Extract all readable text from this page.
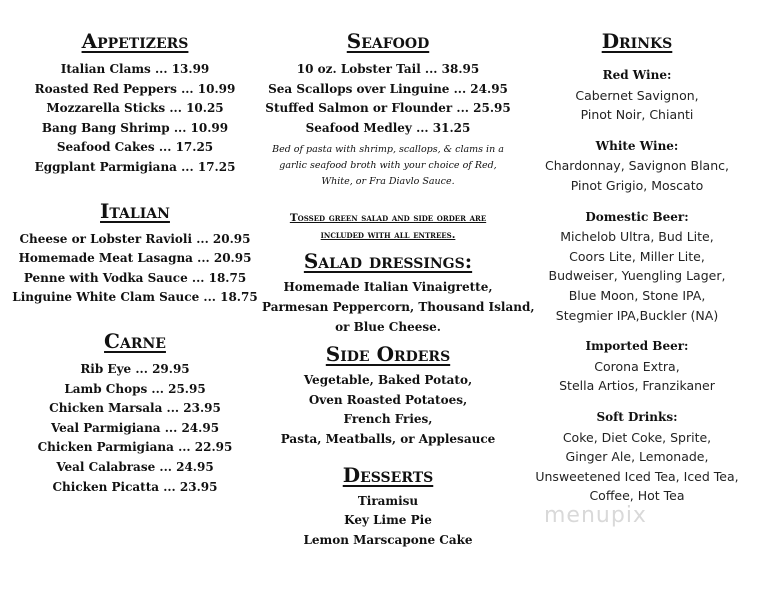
Appetizers

Italian Clams ... 13.99

Roasted Red Peppers ... 10.99

Mozzarella Sticks ... 10.25

Bang Bang Shrimp ... 10.99

Seafood Cakes ... 17.25

Eggplant Parmigiana ... 17.25

Italian

Cheese or Lobster Ravioli ... 20.95

Homemade Meat Lasagna ... 20.95

Penne with Vodka Sauce ... 18.75

Linguine White Clam Sauce ... 18.75

Carne

Rib Eye ... 29.95

Lamb Chops ... 25.95

Chicken Marsala ... 23.95

Veal Parmigiana ... 24.95

Chicken Parmigiana ... 22.95

Veal Calabrase ... 24.95

Chicken Picatta ... 23.95

Seafood

10 oz. Lobster Tail ... 38.95

Sea Scallops over Linguine ... 24.95

Stuffed Salmon or Flounder ... 25.95

Seafood Medley ... 31.25

Bed of pasta with shrimp, scallops, & clams in a

garlic seafood broth with your choice of Red,

White, or Fra Diavlo Sauce.

Tossed green salad and side order are

included with all entrees.

Salad dressings:

Homemade Italian Vinaigrette,

Parmesan Peppercorn, Thousand Island,

or Blue Cheese.

Side Orders

Vegetable, Baked Potato,

Oven Roasted Potatoes,

French Fries,

Pasta, Meatballs, or Applesauce

Desserts

Tiramisu

Key Lime Pie

Lemon Marscapone Cake

Drinks

Red Wine:

Cabernet Savignon,

Pinot Noir, Chianti

White Wine:

Chardonnay, Savignon Blanc,

Pinot Grigio, Moscato

Domestic Beer:

Michelob Ultra, Bud Lite,

Coors Lite, Miller Lite,

Budweiser, Yuengling Lager,

Blue Moon, Stone IPA,

Stegmier IPA,Buckler (NA)

Imported Beer:

Corona Extra,

Stella Artios, Franzikaner

Soft Drinks:

Coke, Diet Coke, Sprite,

Ginger Ale, Lemonade,

Unsweetened Iced Tea, Iced Tea,

Coffee, Hot Tea

menupix
